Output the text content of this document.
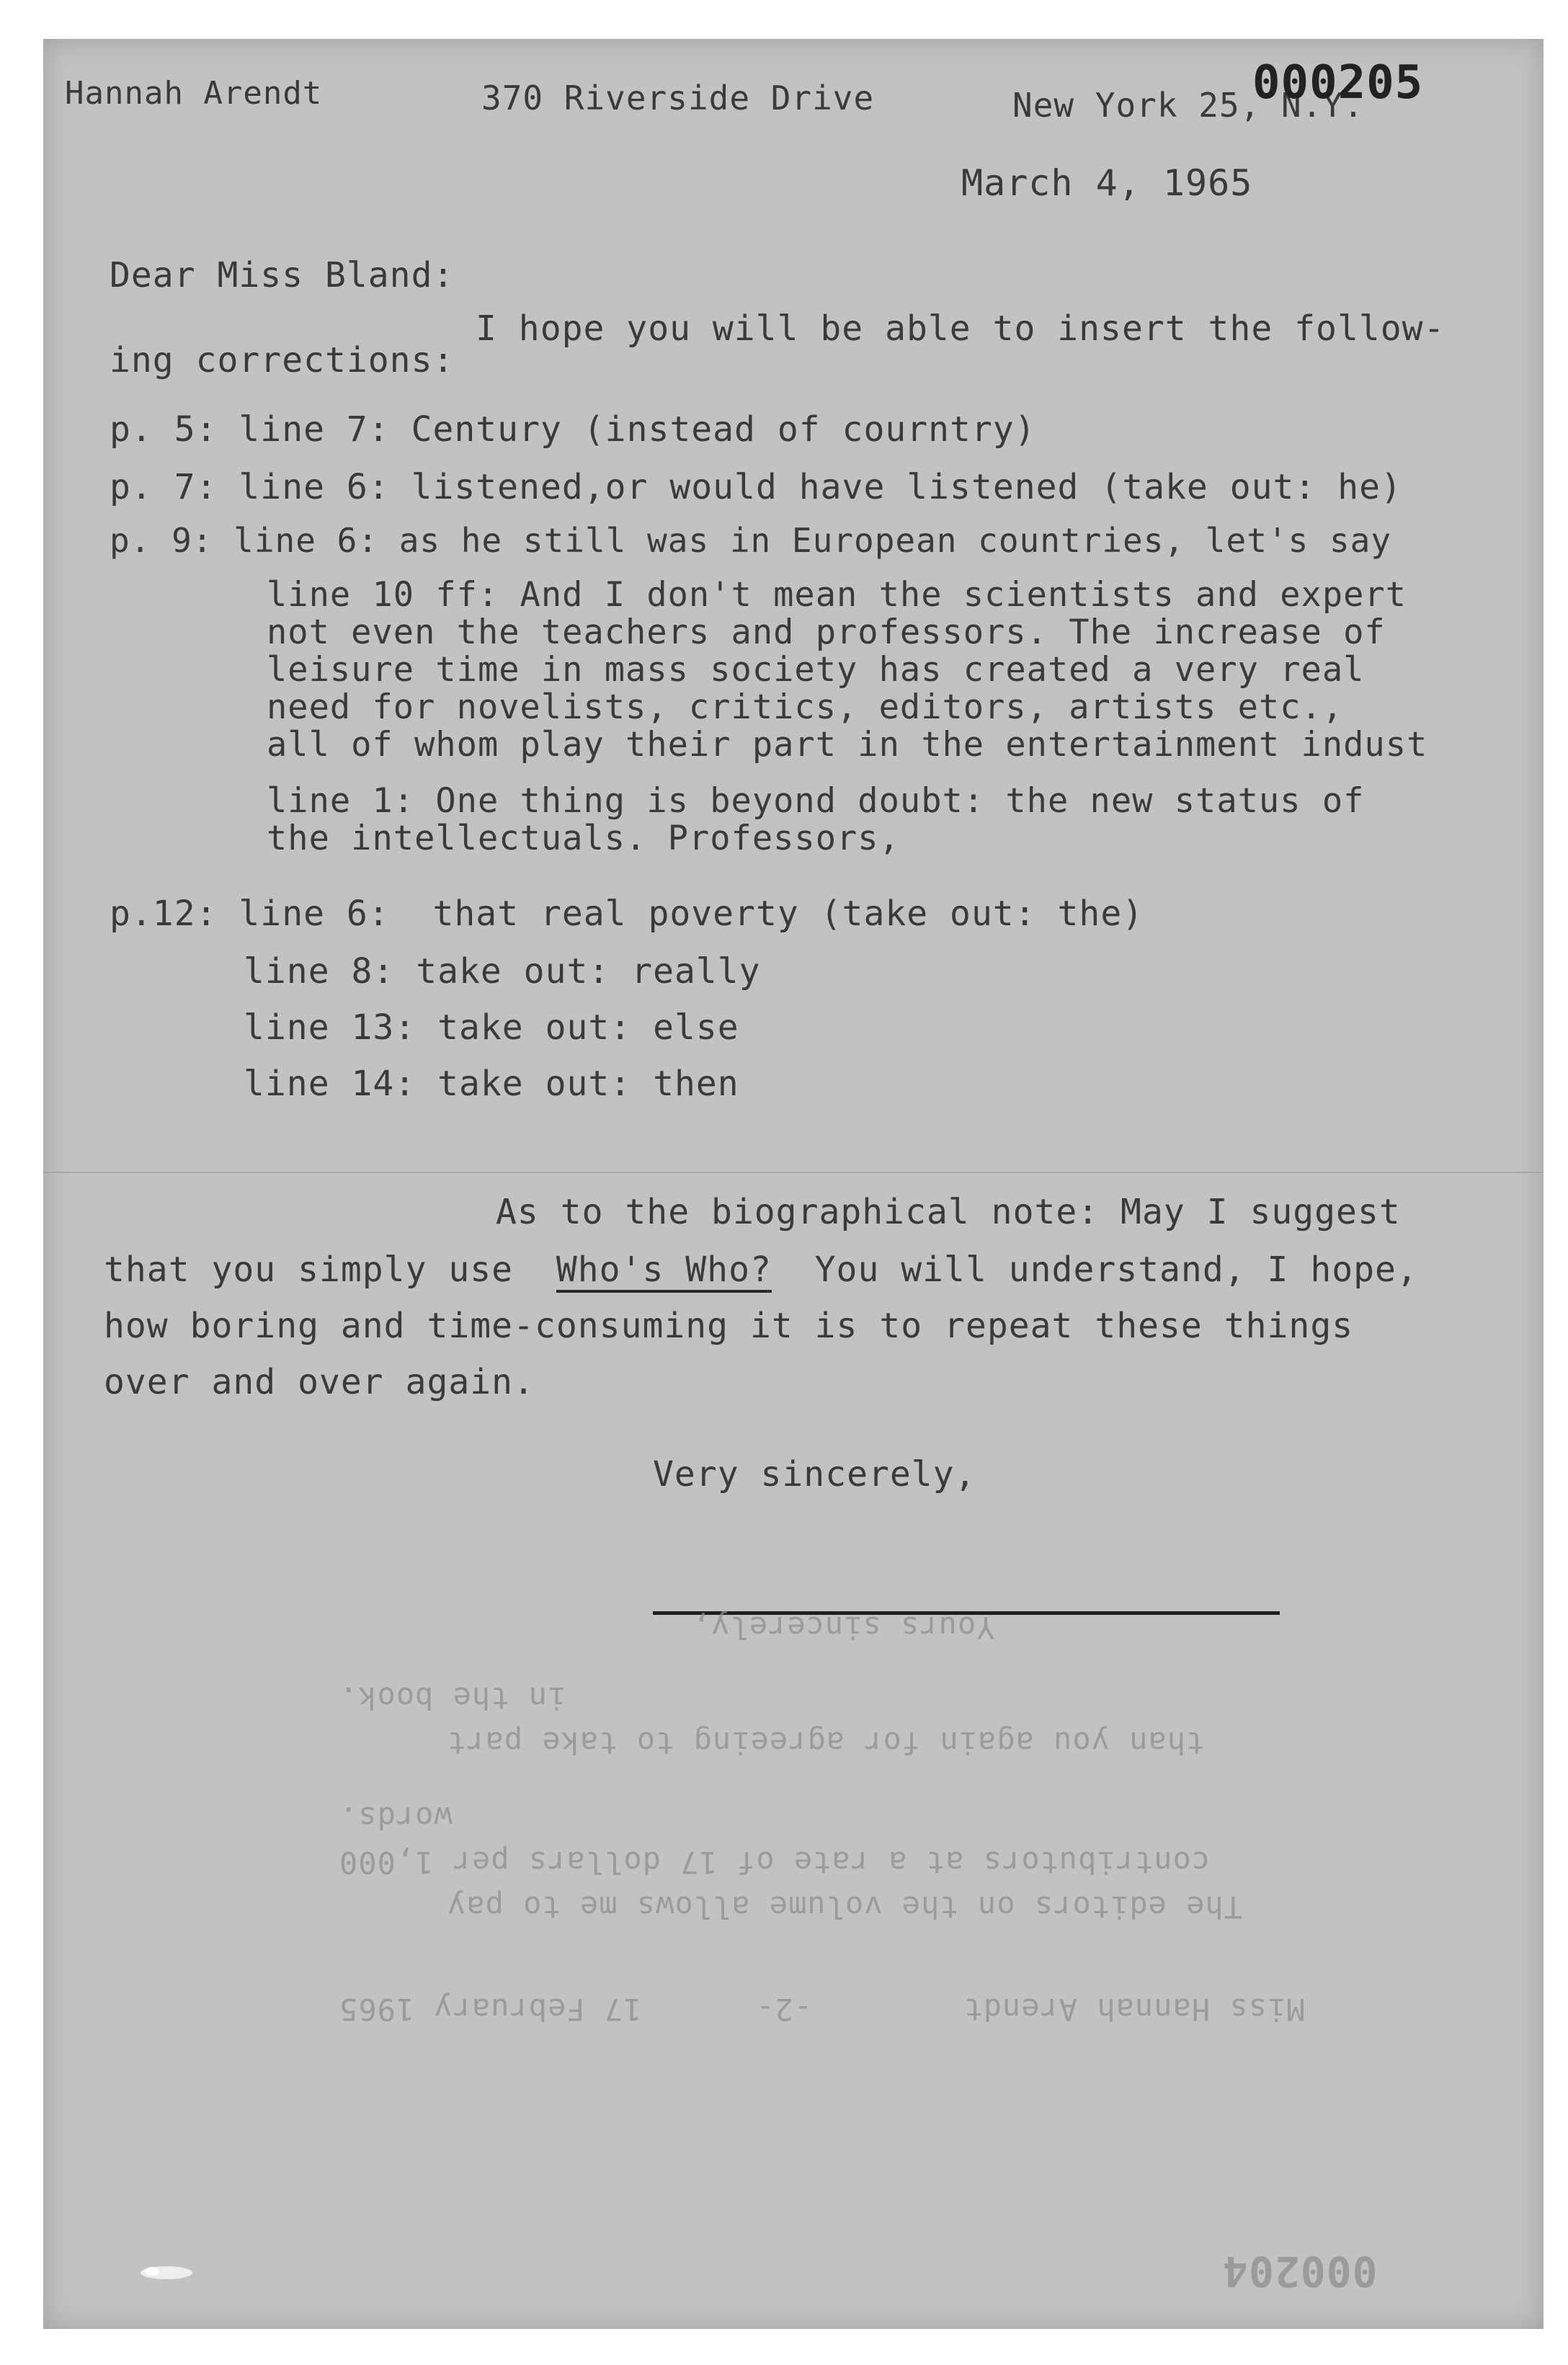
Hannah Arendt	370 Riverside Drive	New York 25, N.Y.
000205
March 4, 1965
Dear Miss Bland:
I hope you will be able to insert the follow-
ing corrections:
p. 5: line 7: Century (instead of courntry)
p. 7: line 6: listened,or would have listened (take out: he)
p. 9: line 6: as he still was in European countries, let's say
line 10 ff: And I don't mean the scientists and expert
not even the teachers and professors. The increase of
leisure time in mass society has created a very real
need for novelists, critics, editors, artists etc.,
all of whom play their part in the entertainment indust
line 1: One thing is beyond doubt: the new status of
the intellectuals. Professors,
p.12: line 6:  that real poverty (take out: the)
line 8: take out: really
line 13: take out: else
line 14: take out: then
As to the biographical note: May I suggest
that you simply use  Who's Who?  You will understand, I hope,
how boring and time-consuming it is to repeat these things
over and over again.
Very sincerely,
Yours sincerely,
in the book.
than you again for agreeing to take part
words.
contributors at a rate of 17 dollars per 1,000
The editors on the volume allows me to pay
Miss Hannah Arendt        -2-      17 February 1965
000204
